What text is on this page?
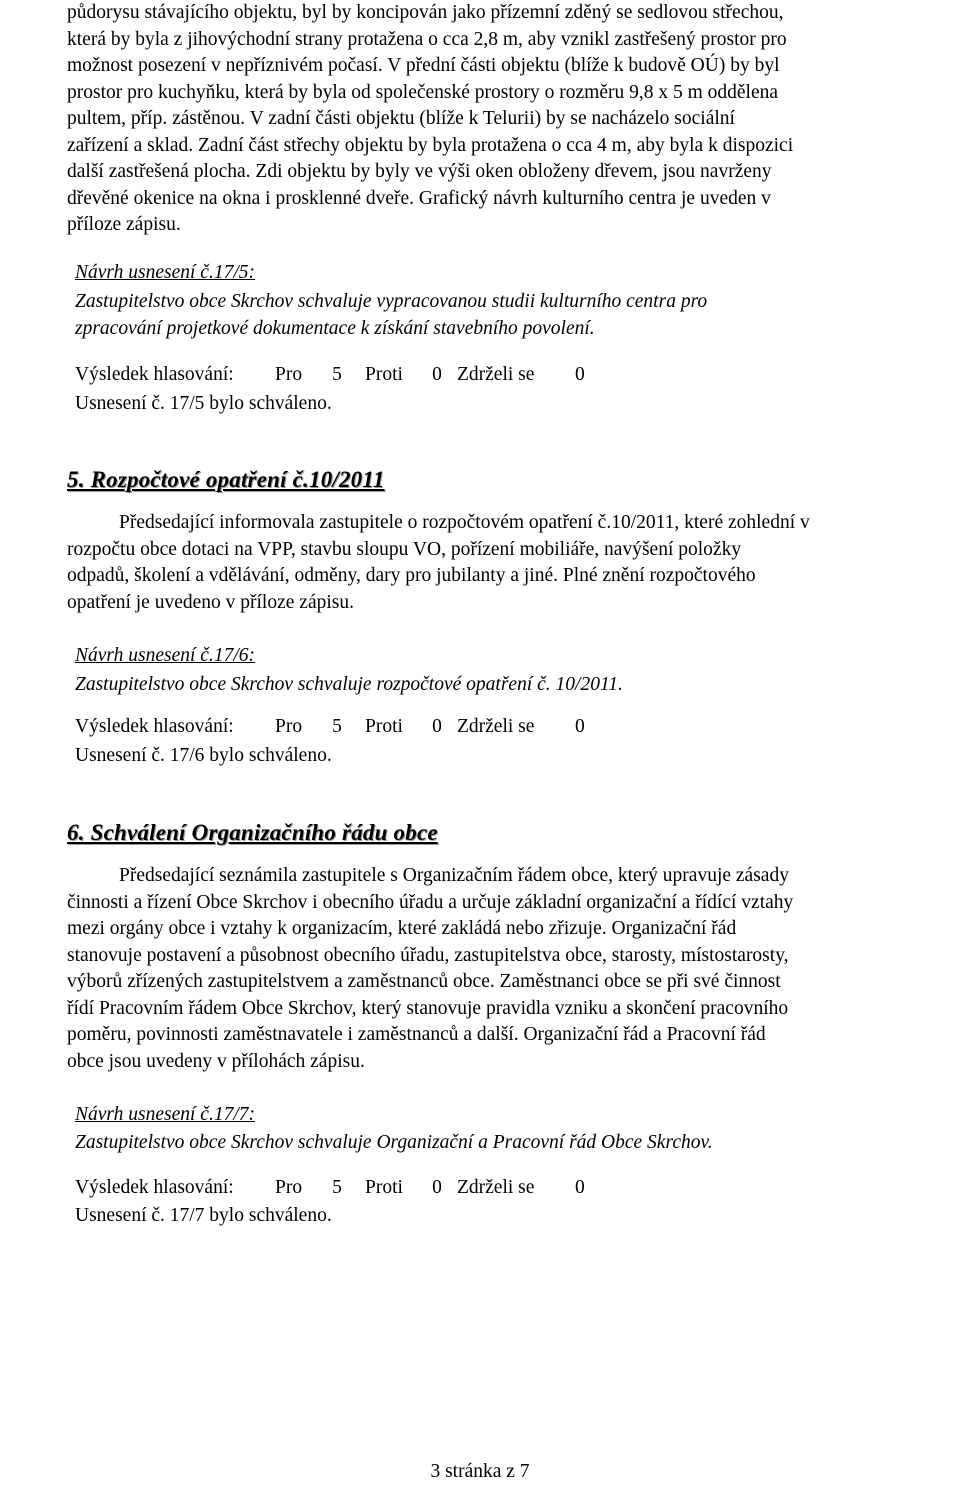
půdorysu stávajícího objektu, byl by koncipován jako přízemní zděný se sedlovou střechou,
která by byla z jihovýchodní strany protažena o cca 2,8 m, aby vznikl zastřešený prostor pro
možnost posezení v nepříznivém počasí. V přední části objektu (blíže k budově OÚ) by byl
prostor pro kuchyňku, která by byla od společenské prostory o rozměru 9,8 x 5 m oddělena
pultem, příp. zástěnou. V zadní části objektu (blíže k Telurii) by se nacházelo sociální
zařízení a sklad. Zadní část střechy objektu by byla protažena o cca 4 m, aby byla k dispozici
další zastřešená plocha. Zdi objektu by byly ve výši oken obloženy dřevem, jsou navrženy
dřevěné okenice na okna i prosklenné dveře. Grafický návrh kulturního centra je uveden v
příloze zápisu.
Návrh usnesení č.17/5:
Zastupitelstvo obce Skrchov schvaluje vypracovanou studii kulturního centra pro
zpracování projetkové dokumentace k získání stavebního povolení.
Výsledek hlasování:	Pro	5	Proti	0 Zdrželi se	0
Usnesení č. 17/5 bylo schváleno.
5. Rozpočtové opatření č.10/2011
Předsedající informovala zastupitele o rozpočtovém opatření č.10/2011, které zohlední v
rozpočtu obce dotaci na VPP, stavbu sloupu VO, pořízení mobiliáře, navýšení položky
odpadů, školení a vdělávání, odměny, dary pro jubilanty a jiné. Plné znění rozpočtového
opatření je uvedeno v příloze zápisu.
Návrh usnesení č.17/6:
Zastupitelstvo obce Skrchov schvaluje rozpočtové opatření č. 10/2011.
Výsledek hlasování:	Pro	5	Proti	0 Zdrželi se	0
Usnesení č. 17/6 bylo schváleno.
6. Schválení Organizačního řádu obce
Předsedající seznámila zastupitele s Organizačním řádem obce, který upravuje zásady
činnosti a řízení Obce Skrchov i obecního úřadu a určuje základní organizační a řídící vztahy
mezi orgány obce i vztahy k organizacím, které zakládá nebo zřizuje. Organizační řád
stanovuje postavení a působnost obecního úřadu, zastupitelstva obce, starosty, místostarosty,
výborů zřízených zastupitelstvem a zaměstnanců obce. Zaměstnanci obce se při své činnost
řídí Pracovním řádem Obce Skrchov, který stanovuje pravidla vzniku a skončení pracovního
poměru, povinnosti zaměstnavatele i zaměstnanců a další. Organizační řád a Pracovní řád
obce jsou uvedeny v přílohách zápisu.
Návrh usnesení č.17/7:
Zastupitelstvo obce Skrchov schvaluje Organizační a Pracovní řád Obce Skrchov.
Výsledek hlasování:	Pro	5	Proti	0 Zdrželi se	0
Usnesení č. 17/7 bylo schváleno.
3 stránka z 7
